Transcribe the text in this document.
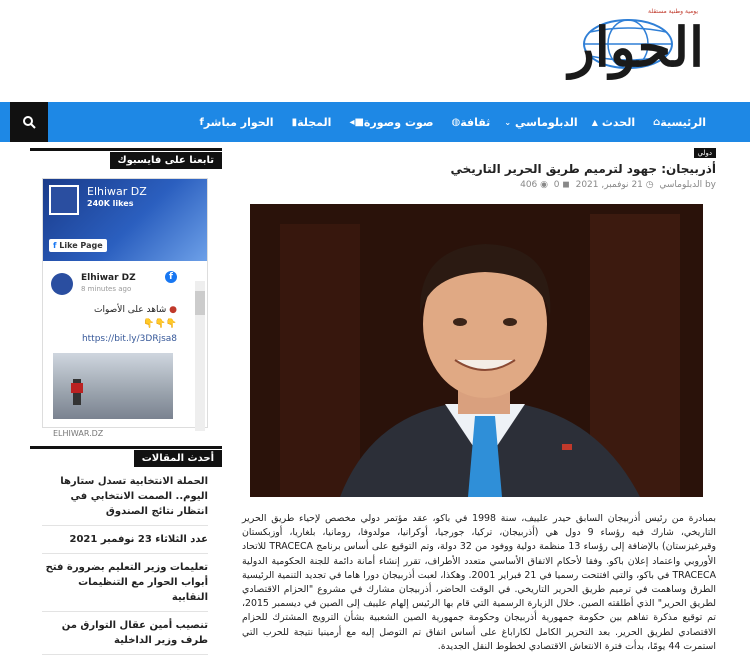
الحوار
يومية وطنية مستقلة
⌂ الرئيسية
▲ الحدث
⌄ الدبلوماسي
◍ ثقافة
■◂ صوت وصورة
▮ المجلة
f الحوار مباشر
تابعنا على فايسبوك
Elhiwar DZ
240K likes
f Like Page
Elhiwar DZ
8 minutes ago
f
● شاهد على الأصوات
👇👇👇
https://bit.ly/3DRjsa8
ELHIWAR.DZ
أحدث المقالات
الحملة الانتخابية تسدل ستارها اليوم.. الصمت الانتخابي في انتظار نتائج الصندوق
عدد الثلاثاء 23 نوفمبر 2021
تعليمات وزير التعليم بضرورة فتح أبواب الحوار مع التنظيمات النقابية
تنصيب أمين عقال التوارق من طرف وزير الداخلية
دولي
أذربيجان: جهود لترميم طريق الحرير التاريخي
by الدبلوماسي  ◷ 21 نوفمبر, 2021  ◼ 0  ◉ 406

بمبادرة من رئيس أذربيجان السابق حيدر علييف، سنة 1998 في باكو، عقد مؤتمر دولي مخصص لإحياء طريق الحرير التاريخي، شارك فيه رؤساء 9 دول هي (أذربيجان، تركيا، جورجيا، أوكرانيا، مولدوفا، رومانيا، بلغاريا، أوزبكستان وقيرغيزستان) بالإضافة إلى رؤساء 13 منظمة دولية ووفود من 32 دولة، وتم التوقيع على أساس برنامج TRACECA للاتحاد الأوروبي واعتماد إعلان باكو. وفقا لأحكام الاتفاق الأساسي متعدد الأطراف، تقرر إنشاء أمانة دائمة للجنة الحكومية الدولية TRACECA في باكو، والتي افتتحت رسميا في 21 فبراير 2001. وهكذا، لعبت أذربيجان دورا هاما في تجديد التنمية الرئيسية الطرق وساهمت في ترميم طريق الحرير التاريخي. في الوقت الحاضر، أذربيجان مشارك في مشروع "الحزام الاقتصادي لطريق الحرير" الذي أطلقته الصين. خلال الزيارة الرسمية التي قام بها الرئيس إلهام علييف إلى الصين في ديسمبر 2015، تم توقيع مذكرة تفاهم بين حكومة جمهورية أذربيجان وحكومة جمهورية الصين الشعبية بشأن الترويج المشترك للحزام الاقتصادي لطريق الحرير. بعد التحرير الكامل لكاراباغ على أساس اتفاق تم التوصل إليه مع أرمينيا نتيجة للحرب التي استمرت 44 يومًا، بدأت فترة الانتعاش الاقتصادي لخطوط النقل الجديدة.
